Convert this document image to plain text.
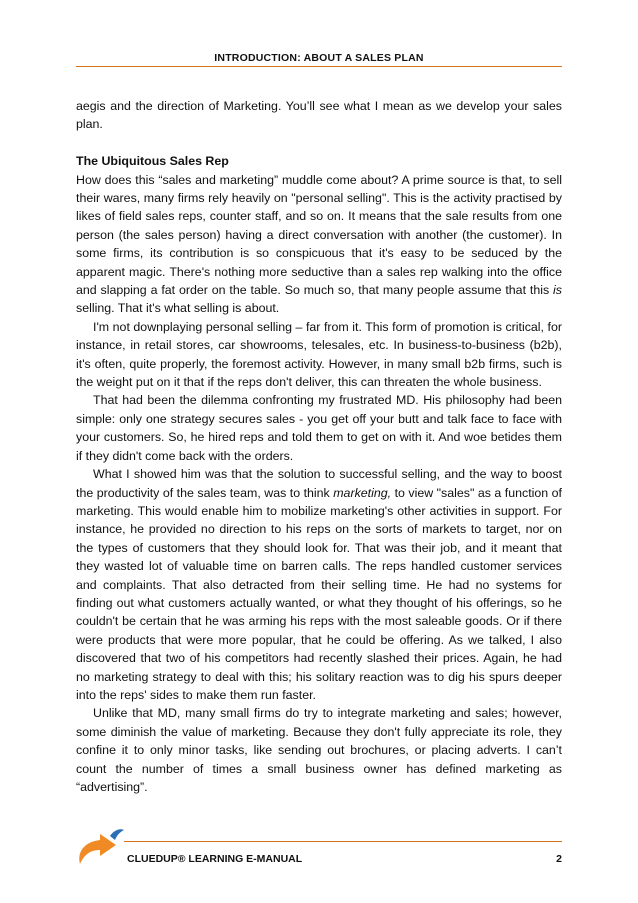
INTRODUCTION: ABOUT A SALES PLAN

aegis and the direction of Marketing. You’ll see what I mean as we develop your sales plan.

The Ubiquitous Sales Rep

How does this “sales and marketing” muddle come about? A prime source is that, to sell their wares, many firms rely heavily on "personal selling". This is the activity practised by likes of field sales reps, counter staff, and so on. It means that the sale results from one person (the sales person) having a direct conversation with another (the customer). In some firms, its contribution is so conspicuous that it's easy to be seduced by the apparent magic. There's nothing more seductive than a sales rep walking into the office and slapping a fat order on the table. So much so, that many people assume that this is selling. That it's what selling is about.

I'm not downplaying personal selling – far from it. This form of promotion is critical, for instance, in retail stores, car showrooms, telesales, etc. In business-to-business (b2b), it's often, quite properly, the foremost activity. However, in many small b2b firms, such is the weight put on it that if the reps don't deliver, this can threaten the whole business.

That had been the dilemma confronting my frustrated MD. His philosophy had been simple: only one strategy secures sales - you get off your butt and talk face to face with your customers. So, he hired reps and told them to get on with it. And woe betides them if they didn't come back with the orders.

What I showed him was that the solution to successful selling, and the way to boost the productivity of the sales team, was to think marketing, to view "sales" as a function of marketing. This would enable him to mobilize marketing's other activities in support. For instance, he provided no direction to his reps on the sorts of markets to target, nor on the types of customers that they should look for. That was their job, and it meant that they wasted lot of valuable time on barren calls. The reps handled customer services and complaints. That also detracted from their selling time. He had no systems for finding out what customers actually wanted, or what they thought of his offerings, so he couldn't be certain that he was arming his reps with the most saleable goods. Or if there were products that were more popular, that he could be offering. As we talked, I also discovered that two of his competitors had recently slashed their prices. Again, he had no marketing strategy to deal with this; his solitary reaction was to dig his spurs deeper into the reps' sides to make them run faster.

Unlike that MD, many small firms do try to integrate marketing and sales; however, some diminish the value of marketing. Because they don't fully appreciate its role, they confine it to only minor tasks, like sending out brochures, or placing adverts. I can’t count the number of times a small business owner has defined marketing as “advertising”.

CLUEDUP® LEARNING E-MANUAL	2
